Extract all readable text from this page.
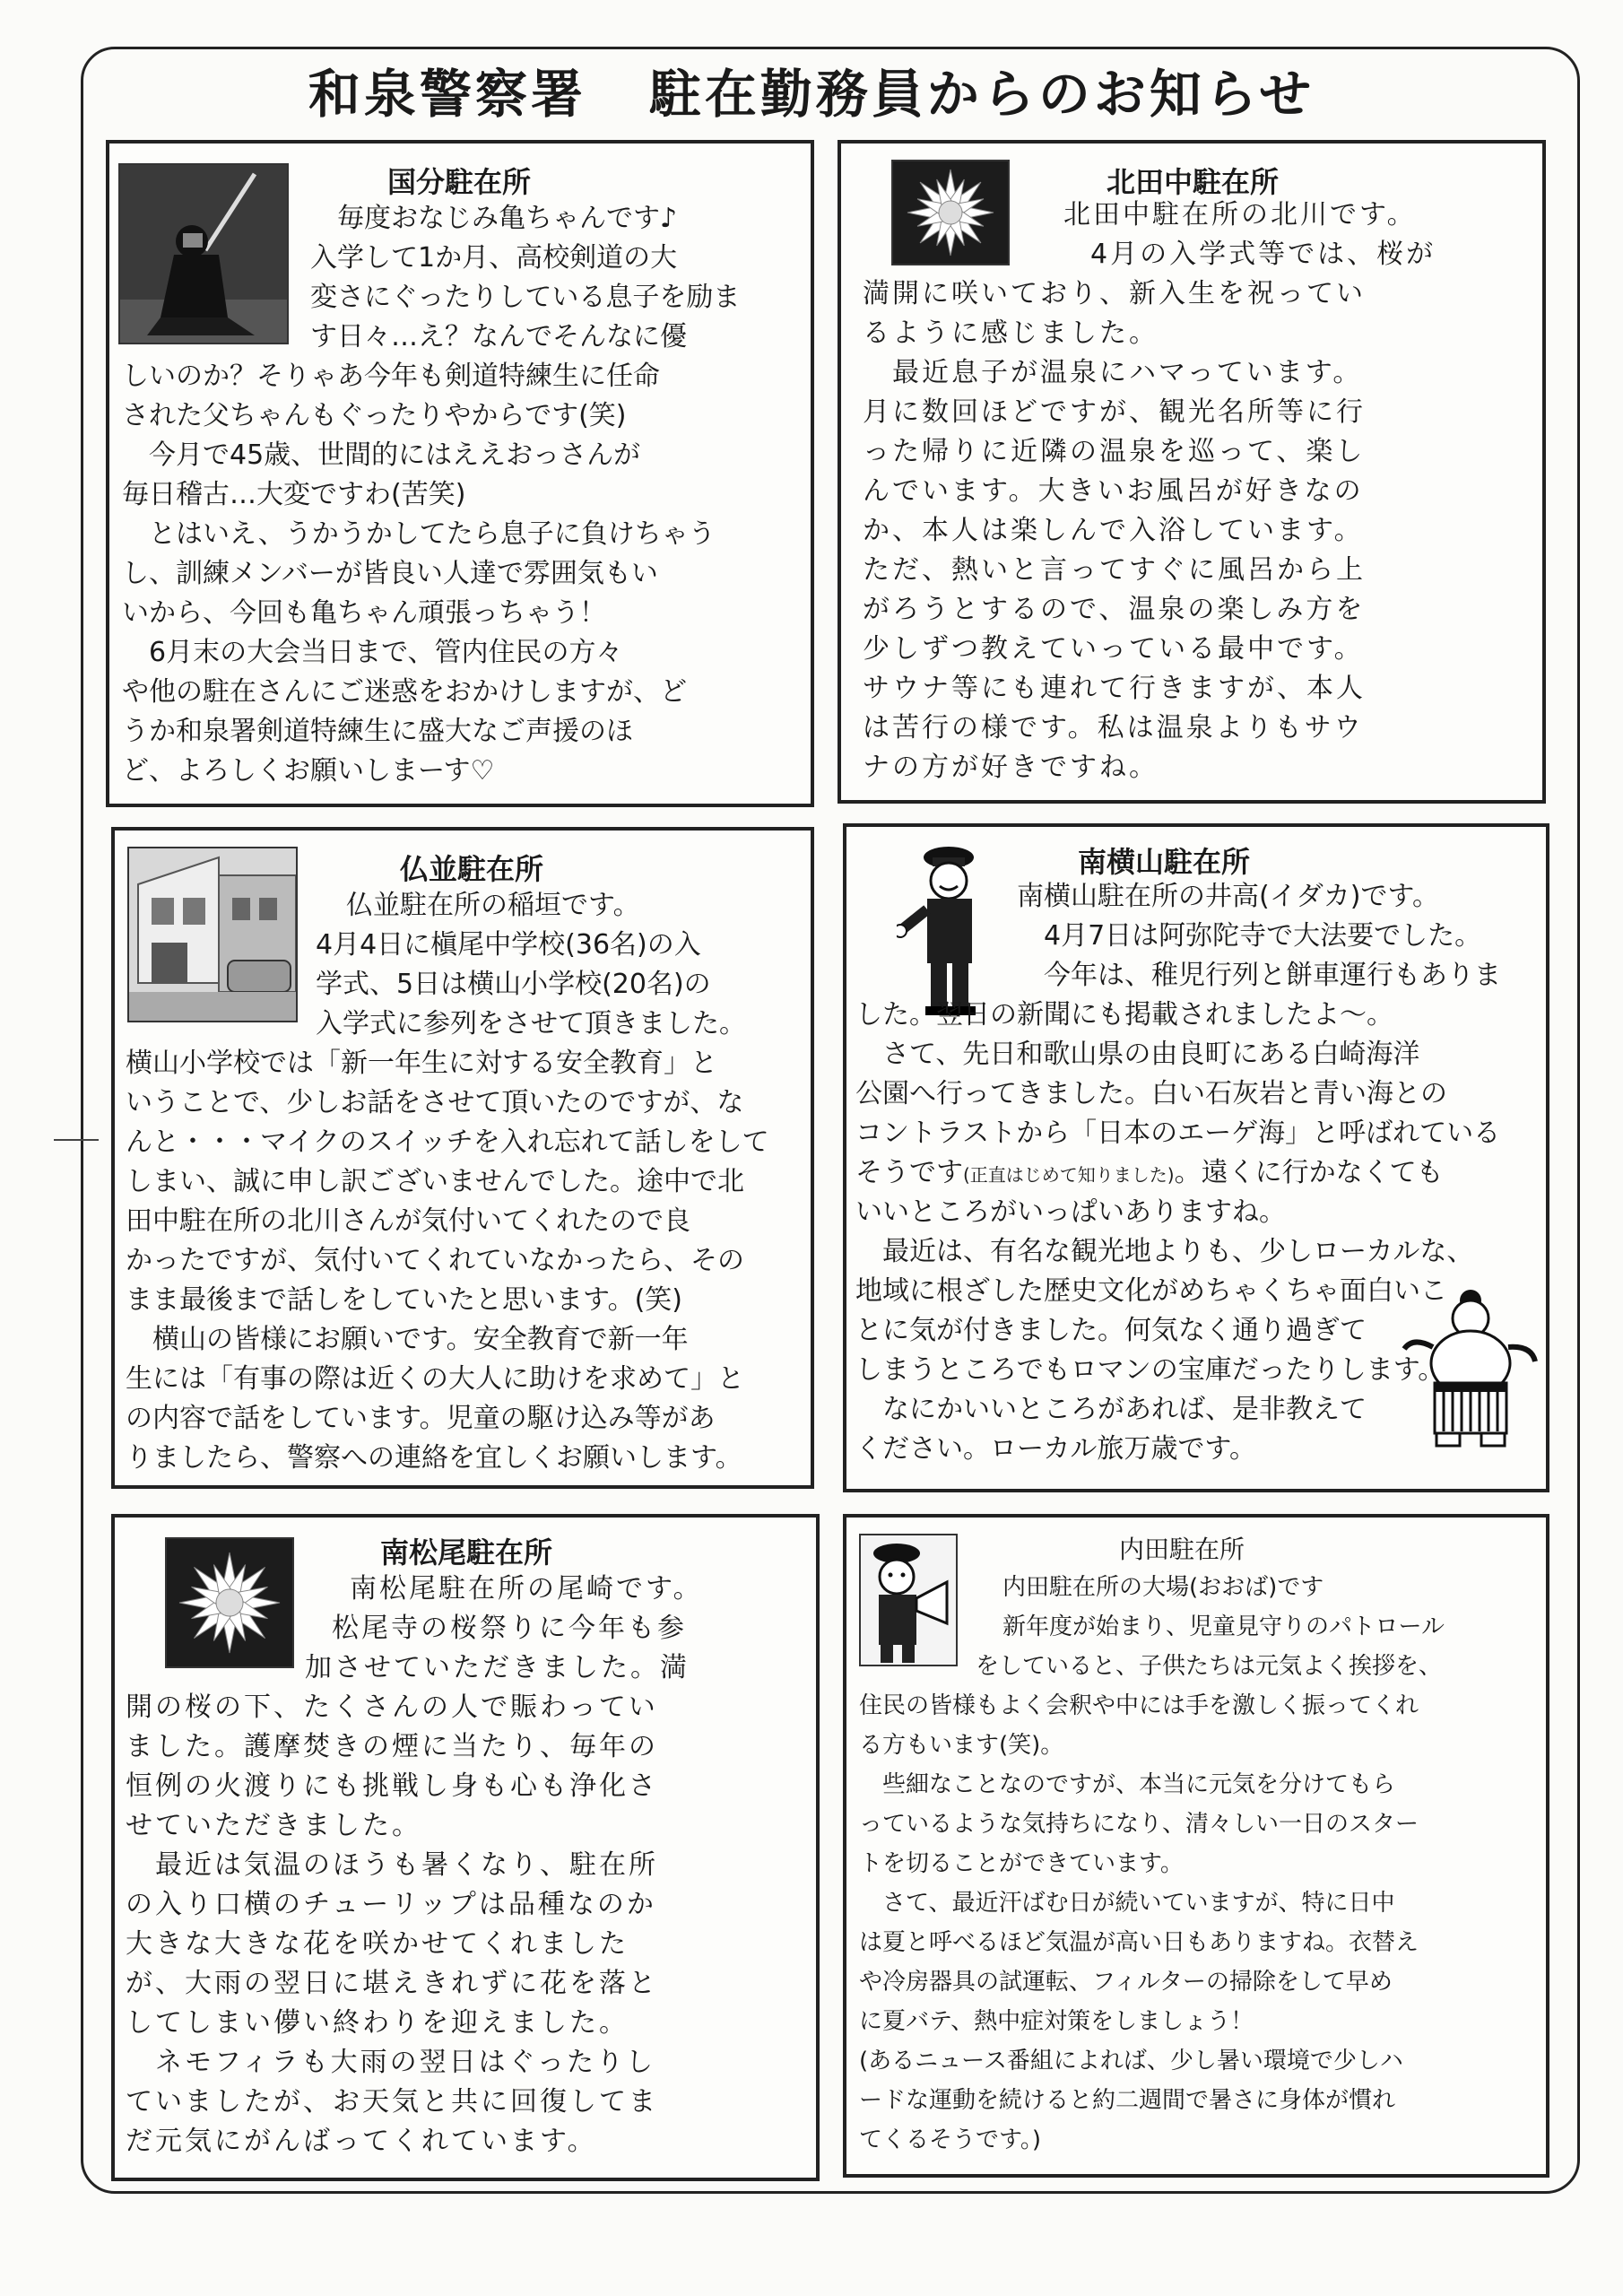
和泉警察署 駐在勤務員からのお知らせ
国分駐在所
毎度おなじみ亀ちゃんです♪
入学して1か月、高校剣道の大
変さにぐったりしている息子を励ま
す日々…え？なんでそんなに優
しいのか？そりゃあ今年も剣道特練生に任命
された父ちゃんもぐったりやからです(笑)
　今月で45歳、世間的にはええおっさんが
毎日稽古…大変ですわ(苦笑)
　とはいえ、うかうかしてたら息子に負けちゃう
し、訓練メンバーが皆良い人達で雰囲気もい
いから、今回も亀ちゃん頑張っちゃう！
　6月末の大会当日まで、管内住民の方々
や他の駐在さんにご迷惑をおかけしますが、ど
うか和泉署剣道特練生に盛大なご声援のほ
ど、よろしくお願いしまーす♡
北田中駐在所
北田中駐在所の北川です。
4月の入学式等では、桜が
満開に咲いており、新入生を祝ってい
るように感じました。
　最近息子が温泉にハマっています。
月に数回ほどですが、観光名所等に行
った帰りに近隣の温泉を巡って、楽し
んでいます。大きいお風呂が好きなの
か、本人は楽しんで入浴しています。
ただ、熱いと言ってすぐに風呂から上
がろうとするので、温泉の楽しみ方を
少しずつ教えていっている最中です。
サウナ等にも連れて行きますが、本人
は苦行の様です。私は温泉よりもサウ
ナの方が好きですね。
仏並駐在所
仏並駐在所の稲垣です。
4月4日に槇尾中学校(36名)の入
学式、5日は横山小学校(20名)の
入学式に参列をさせて頂きました。
横山小学校では「新一年生に対する安全教育」と
いうことで、少しお話をさせて頂いたのですが、な
んと・・・マイクのスイッチを入れ忘れて話しをして
しまい、誠に申し訳ございませんでした。途中で北
田中駐在所の北川さんが気付いてくれたので良
かったですが、気付いてくれていなかったら、その
まま最後まで話しをしていたと思います。(笑)
　横山の皆様にお願いです。安全教育で新一年
生には「有事の際は近くの大人に助けを求めて」と
の内容で話をしています。児童の駆け込み等があ
りましたら、警察への連絡を宜しくお願いします。
南横山駐在所
南横山駐在所の井高(イダカ)です。
4月7日は阿弥陀寺で大法要でした。
　今年は、稚児行列と餅車運行もありま
した。翌日の新聞にも掲載されましたよ～。
　さて、先日和歌山県の由良町にある白崎海洋
公園へ行ってきました。白い石灰岩と青い海との
コントラストから「日本のエーゲ海」と呼ばれている
そうです(正直はじめて知りました)。遠くに行かなくても
いいところがいっぱいありますね。
　最近は、有名な観光地よりも、少しローカルな、
地域に根ざした歴史文化がめちゃくちゃ面白いこ
とに気が付きました。何気なく通り過ぎて
しまうところでもロマンの宝庫だったりします。
　なにかいいところがあれば、是非教えて
ください。ローカル旅万歳です。
南松尾駐在所
南松尾駐在所の尾崎です。
松尾寺の桜祭りに今年も参
加させていただきました。満
開の桜の下、たくさんの人で賑わってい
ました。護摩焚きの煙に当たり、毎年の
恒例の火渡りにも挑戦し身も心も浄化さ
せていただきました。
　最近は気温のほうも暑くなり、駐在所
の入り口横のチューリップは品種なのか
大きな大きな花を咲かせてくれました
が、大雨の翌日に堪えきれずに花を落と
してしまい儚い終わりを迎えました。
　ネモフィラも大雨の翌日はぐったりし
ていましたが、お天気と共に回復してま
だ元気にがんばってくれています。
内田駐在所
内田駐在所の大場(おおば)です
新年度が始まり、児童見守りのパトロール
をしていると、子供たちは元気よく挨拶を、
住民の皆様もよく会釈や中には手を激しく振ってくれ
る方もいます(笑)。
　些細なことなのですが、本当に元気を分けてもら
っているような気持ちになり、清々しい一日のスター
トを切ることができています。
　さて、最近汗ばむ日が続いていますが、特に日中
は夏と呼べるほど気温が高い日もありますね。衣替え
や冷房器具の試運転、フィルターの掃除をして早め
に夏バテ、熱中症対策をしましょう！
(あるニュース番組によれば、少し暑い環境で少しハ
ードな運動を続けると約二週間で暑さに身体が慣れ
てくるそうです。)
